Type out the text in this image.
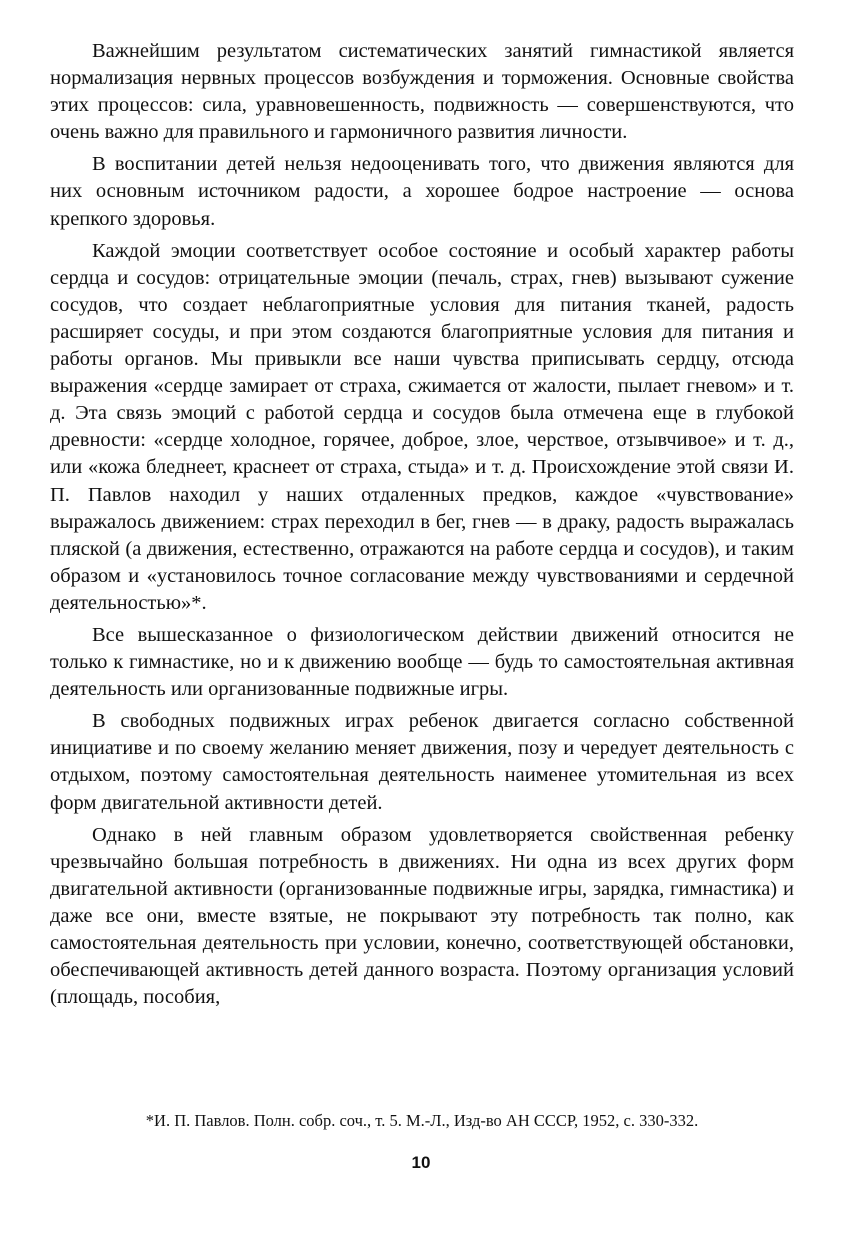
Важнейшим результатом систематических занятий гимнастикой является нормализация нервных процессов возбуждения и торможения. Основные свойства этих процессов: сила, уравновешенность, подвижность — совершенствуются, что очень важно для правильного и гармоничного развития личности.

В воспитании детей нельзя недооценивать того, что движения являются для них основным источником радости, а хорошее бодрое настроение — основа крепкого здоровья.

Каждой эмоции соответствует особое состояние и особый характер работы сердца и сосудов: отрицательные эмоции (печаль, страх, гнев) вызывают сужение сосудов, что создает неблагоприятные условия для питания тканей, радость расширяет сосуды, и при этом создаются благоприятные условия для питания и работы органов. Мы привыкли все наши чувства приписывать сердцу, отсюда выражения «сердце замирает от страха, сжимается от жалости, пылает гневом» и т. д. Эта связь эмоций с работой сердца и сосудов была отмечена еще в глубокой древности: «сердце холодное, горячее, доброе, злое, черствое, отзывчивое» и т. д., или «кожа бледнеет, краснеет от страха, стыда» и т. д. Происхождение этой связи И. П. Павлов находил у наших отдаленных предков, каждое «чувствование» выражалось движением: страх переходил в бег, гнев — в драку, радость выражалась пляской (а движения, естественно, отражаются на работе сердца и сосудов), и таким образом и «установилось точное согласование между чувствованиями и сердечной деятельностью»*.

Все вышесказанное о физиологическом действии движений относится не только к гимнастике, но и к движению вообще — будь то самостоятельная активная деятельность или организованные подвижные игры.

В свободных подвижных играх ребенок двигается согласно собственной инициативе и по своему желанию меняет движения, позу и чередует деятельность с отдыхом, поэтому самостоятельная деятельность наименее утомительная из всех форм двигательной активности детей.

Однако в ней главным образом удовлетворяется свойственная ребенку чрезвычайно большая потребность в движениях. Ни одна из всех других форм двигательной активности (организованные подвижные игры, зарядка, гимнастика) и даже все они, вместе взятые, не покрывают эту потребность так полно, как самостоятельная деятельность при условии, конечно, соответствующей обстановки, обеспечивающей активность детей данного возраста. Поэтому организация условий (площадь, пособия,

*И. П. Павлов. Полн. собр. соч., т. 5. М.-Л., Изд-во АН СССР, 1952, с. 330-332.

10
